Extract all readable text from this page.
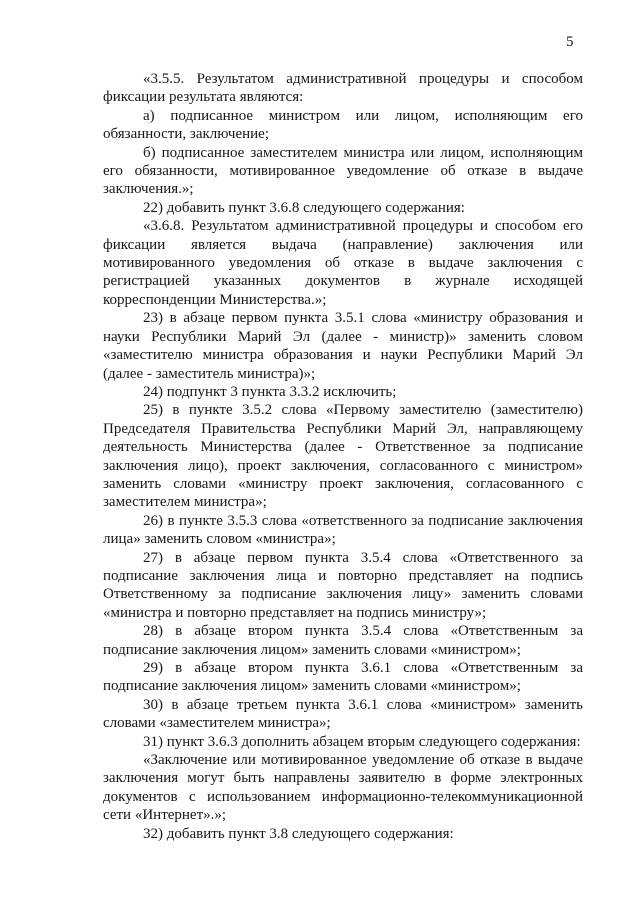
5

«3.5.5. Результатом административной процедуры и способом фиксации результата являются:

а) подписанное министром или лицом, исполняющим его обязанности, заключение;

б) подписанное заместителем министра или лицом, исполняющим его обязанности, мотивированное уведомление об отказе в выдаче заключения.»;

22) добавить пункт 3.6.8 следующего содержания:

«3.6.8. Результатом административной процедуры и способом его фиксации является выдача (направление) заключения или мотивированного уведомления об отказе в выдаче заключения с регистрацией указанных документов в журнале исходящей корреспонденции Министерства.»;

23) в абзаце первом пункта 3.5.1 слова «министру образования и науки Республики Марий Эл (далее - министр)» заменить словом «заместителю министра образования и науки Республики Марий Эл (далее - заместитель министра)»;

24) подпункт 3 пункта 3.3.2 исключить;

25) в пункте 3.5.2 слова «Первому заместителю (заместителю) Председателя Правительства Республики Марий Эл, направляющему деятельность Министерства (далее - Ответственное за подписание заключения лицо), проект заключения, согласованного с министром» заменить словами «министру проект заключения, согласованного с заместителем министра»;

26) в пункте 3.5.3 слова «ответственного за подписание заключения лица» заменить словом «министра»;

27) в абзаце первом пункта 3.5.4 слова «Ответственного за подписание заключения лица и повторно представляет на подпись Ответственному за подписание заключения лицу» заменить словами «министра и повторно представляет на подпись министру»;

28) в абзаце втором пункта 3.5.4 слова «Ответственным за подписание заключения лицом» заменить словами «министром»;

29) в абзаце втором пункта 3.6.1 слова «Ответственным за подписание заключения лицом» заменить словами «министром»;

30) в абзаце третьем пункта 3.6.1 слова «министром» заменить словами «заместителем министра»;

31) пункт 3.6.3 дополнить абзацем вторым следующего содержания:

«Заключение или мотивированное уведомление об отказе в выдаче заключения могут быть направлены заявителю в форме электронных документов с использованием информационно-телекоммуникационной сети «Интернет».»;

32) добавить пункт 3.8 следующего содержания:
